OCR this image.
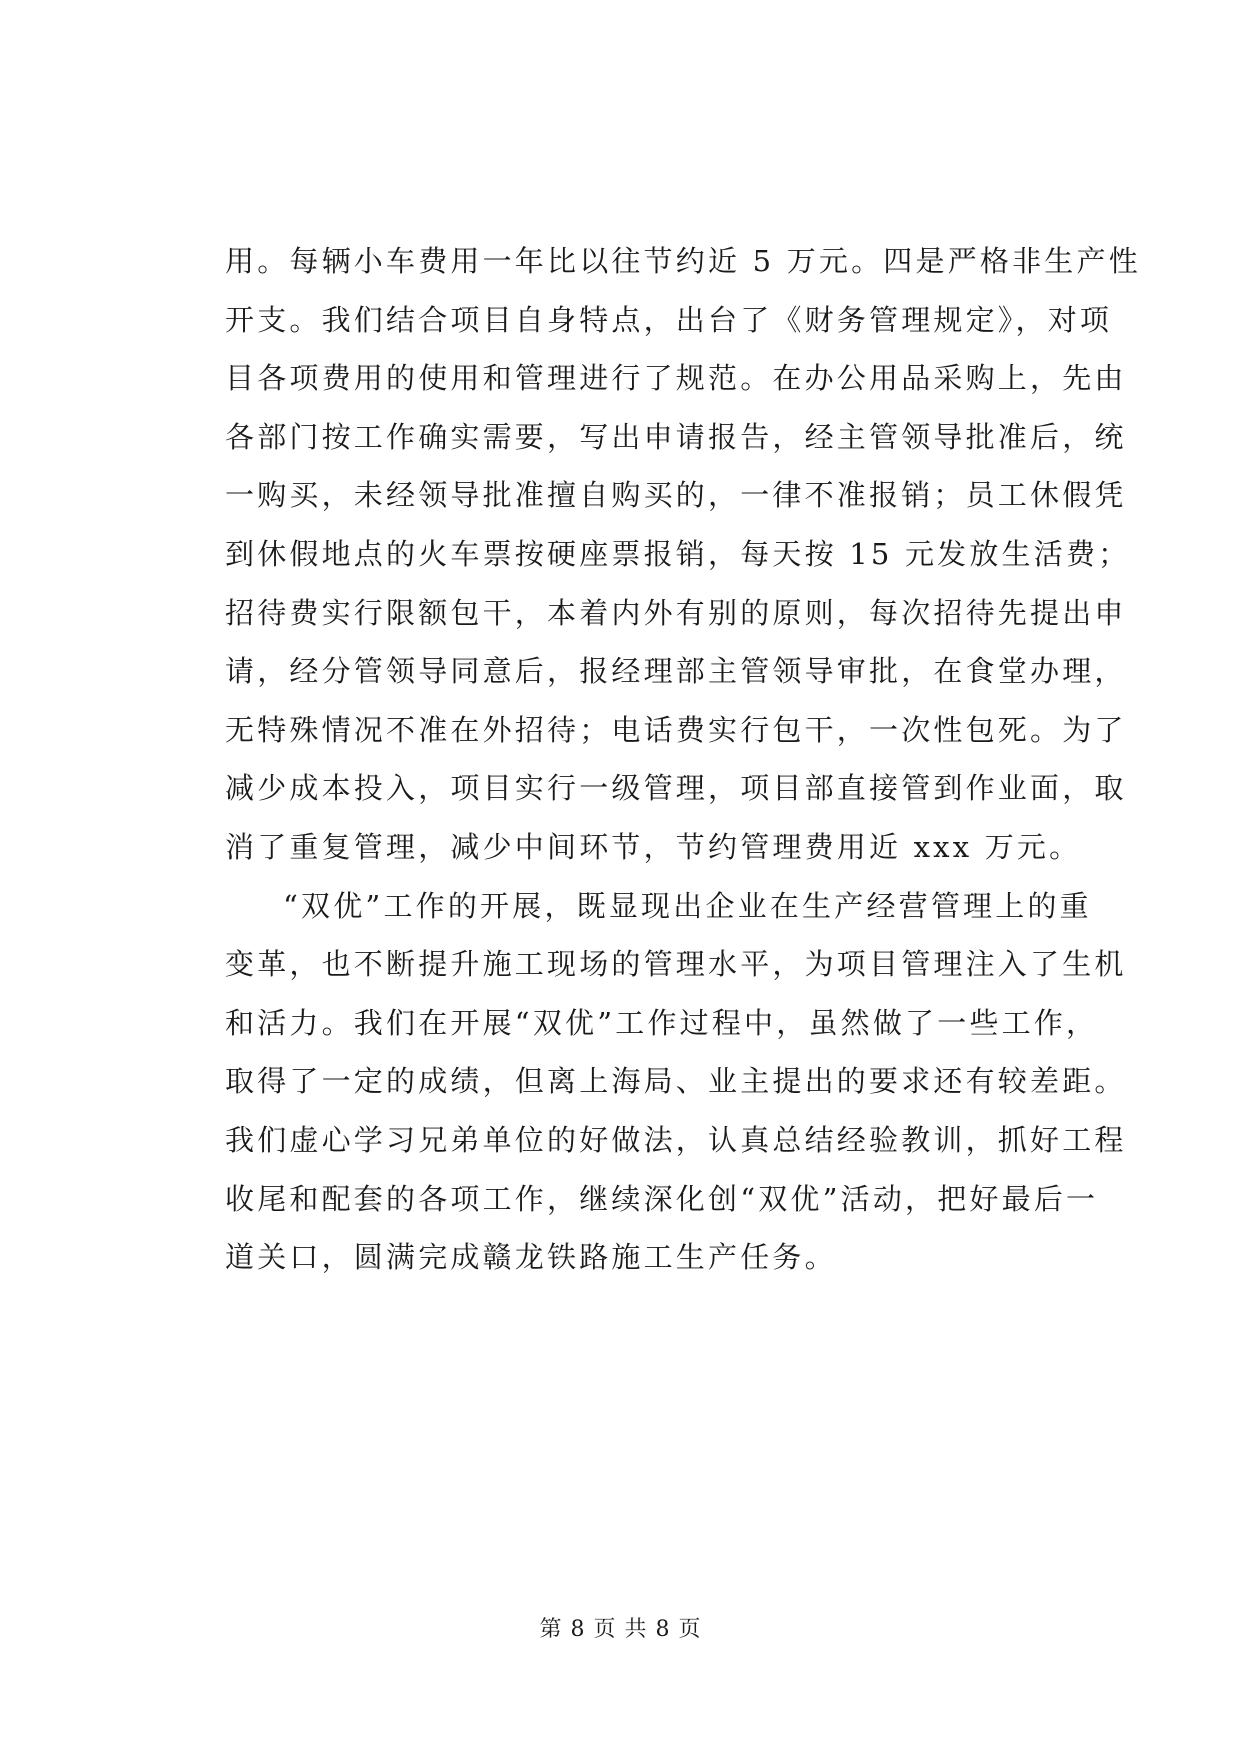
用。每辆小车费用一年比以往节约近 5 万元。四是严格非生产性
开支。我们结合项目自身特点，出台了《财务管理规定》，对项
目各项费用的使用和管理进行了规范。在办公用品采购上，先由
各部门按工作确实需要，写出申请报告，经主管领导批准后，统
一购买，未经领导批准擅自购买的，一律不准报销；员工休假凭
到休假地点的火车票按硬座票报销，每天按 15 元发放生活费；
招待费实行限额包干，本着内外有别的原则，每次招待先提出申
请，经分管领导同意后，报经理部主管领导审批，在食堂办理，
无特殊情况不准在外招待；电话费实行包干，一次性包死。为了
减少成本投入，项目实行一级管理，项目部直接管到作业面，取
消了重复管理，减少中间环节，节约管理费用近 xxx 万元。
“双优”工作的开展，既显现出企业在生产经营管理上的重
变革，也不断提升施工现场的管理水平，为项目管理注入了生机
和活力。我们在开展“双优”工作过程中，虽然做了一些工作，
取得了一定的成绩，但离上海局、业主提出的要求还有较差距。
我们虚心学习兄弟单位的好做法，认真总结经验教训，抓好工程
收尾和配套的各项工作，继续深化创“双优”活动，把好最后一
道关口，圆满完成赣龙铁路施工生产任务。
第 8 页 共 8 页
